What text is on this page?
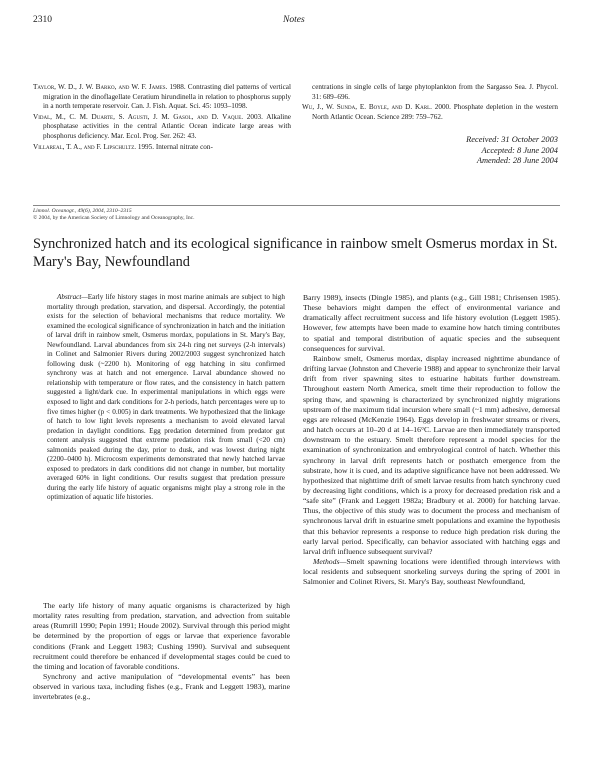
2310	Notes
Taylor, W. D., J. W. Barko, and W. F. James. 1988. Contrasting diel patterns of vertical migration in the dinoflagellate Ceratium hirundinella in relation to phosphorus supply in a north temperate reservoir. Can. J. Fish. Aquat. Sci. 45: 1093–1098.
Vidal, M., C. M. Duarte, S. Agusti, J. M. Gasol, and D. Vaque. 2003. Alkaline phosphatase activities in the central Atlantic Ocean indicate large areas with phosphorus deficiency. Mar. Ecol. Prog. Ser. 262: 43.
Villareal, T. A., and F. Lipschultz. 1995. Internal nitrate con-
centrations in single cells of large phytoplankton from the Sargasso Sea. J. Phycol. 31: 689–696.
Wu, J., W. Sunda, E. Boyle, and D. Karl. 2000. Phosphate depletion in the western North Atlantic Ocean. Science 289: 759–762.
Received: 31 October 2003
Accepted: 8 June 2004
Amended: 28 June 2004
Limnol. Oceanogr., 49(6), 2004, 2310–2315
© 2004, by the American Society of Limnology and Oceanography, Inc.
Synchronized hatch and its ecological significance in rainbow smelt Osmerus mordax in St. Mary's Bay, Newfoundland
Abstract—Early life history stages in most marine animals are subject to high mortality through predation, starvation, and dispersal. Accordingly, the potential exists for the selection of behavioral mechanisms that reduce mortality. We examined the ecological significance of synchronization in hatch and the initiation of larval drift in rainbow smelt, Osmerus mordax, populations in St. Mary's Bay, Newfoundland. Larval abundances from six 24-h ring net surveys (2-h intervals) in Colinet and Salmonier Rivers during 2002/2003 suggest synchronized hatch following dusk (~2200 h). Monitoring of egg hatching in situ confirmed synchrony was at hatch and not emergence. Larval abundance showed no relationship with temperature or flow rates, and the consistency in hatch pattern suggested a light/dark cue. In experimental manipulations in which eggs were exposed to light and dark conditions for 2-h periods, hatch percentages were up to five times higher (p < 0.005) in dark treatments. We hypothesized that the linkage of hatch to low light levels represents a mechanism to avoid elevated larval predation in daylight conditions. Egg predation determined from predator gut content analysis suggested that extreme predation risk from small (<20 cm) salmonids peaked during the day, prior to dusk, and was lowest during night (2200–0400 h). Microcosm experiments demonstrated that newly hatched larvae exposed to predators in dark conditions did not change in number, but mortality averaged 60% in light conditions. Our results suggest that predation pressure during the early life history of aquatic organisms might play a strong role in the optimization of aquatic life histories.

The early life history of many aquatic organisms is characterized by high mortality rates resulting from predation, starvation, and advection from suitable areas (Rumrill 1990; Pepin 1991; Houde 2002). Survival through this period might be determined by the proportion of eggs or larvae that experience favorable conditions (Frank and Leggett 1983; Cushing 1990). Survival and subsequent recruitment could therefore be enhanced if developmental stages could be cued to the timing and location of favorable conditions.

Synchrony and active manipulation of “developmental events” has been observed in various taxa, including fishes (e.g., Frank and Leggett 1983), marine invertebrates (e.g.,

Barry 1989), insects (Dingle 1985), and plants (e.g., Gill 1981; Chrisensen 1985). These behaviors might dampen the effect of environmental variance and dramatically affect recruitment success and life history evolution (Leggett 1985). However, few attempts have been made to examine how hatch timing contributes to spatial and temporal distribution of aquatic species and the subsequent consequences for survival.

Rainbow smelt, Osmerus mordax, display increased nighttime abundance of drifting larvae (Johnston and Cheverie 1988) and appear to synchronize their larval drift from river spawning sites to estuarine habitats further downstream. Throughout eastern North America, smelt time their reproduction to follow the spring thaw, and spawning is characterized by synchronized nightly migrations upstream of the maximum tidal incursion where small (~1 mm) adhesive, demersal eggs are released (McKenzie 1964). Eggs develop in freshwater streams or rivers, and hatch occurs at 10–20 d at 14–16°C. Larvae are then immediately transported downstream to the estuary. Smelt therefore represent a model species for the examination of synchronization and embryological control of hatch. Whether this synchrony in larval drift represents hatch or posthatch emergence from the substrate, how it is cued, and its adaptive significance have not been addressed. We hypothesized that nighttime drift of smelt larvae results from hatch synchrony cued by decreasing light conditions, which is a proxy for decreased predation risk and a “safe site” (Frank and Leggett 1982a; Bradbury et al. 2000) for hatching larvae. Thus, the objective of this study was to document the process and mechanism of synchronous larval drift in estuarine smelt populations and examine the hypothesis that this behavior represents a response to reduce high predation risk during the early larval period. Specifically, can behavior associated with hatching eggs and larval drift influence subsequent survival?

Methods—Smelt spawning locations were identified through interviews with local residents and subsequent snorkeling surveys during the spring of 2001 in Salmonier and Colinet Rivers, St. Mary's Bay, southeast Newfoundland,
